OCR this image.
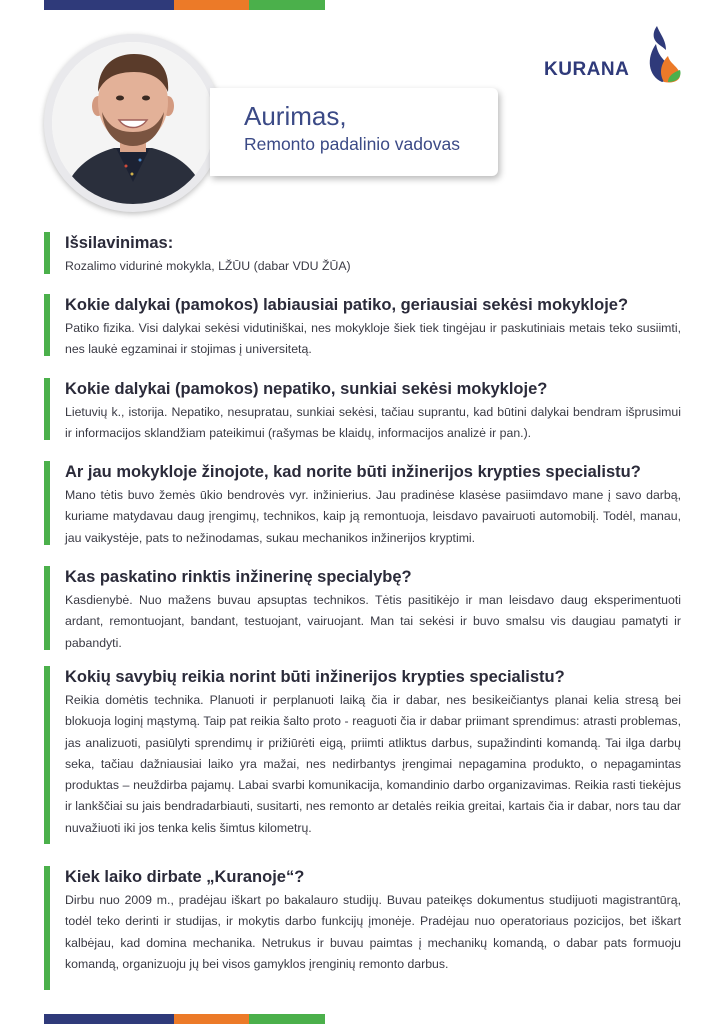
Aurimas,
Remonto padalinio vadovas
KURANA
Išsilavinimas:
Rozalimo vidurinė mokykla, LŽŪU (dabar VDU ŽŪA)
Kokie dalykai (pamokos) labiausiai patiko, geriausiai sekėsi mokykloje?
Patiko fizika. Visi dalykai sekėsi vidutiniškai, nes mokykloje šiek tiek tingėjau ir paskutiniais metais teko susiimti, nes laukė egzaminai ir stojimas į universitetą.
Kokie dalykai (pamokos) nepatiko, sunkiai sekėsi mokykloje?
Lietuvių k., istorija. Nepatiko, nesupratau, sunkiai sekėsi, tačiau suprantu, kad būtini dalykai bendram išprusimui ir informacijos sklandžiam pateikimui (rašymas be klaidų, informacijos analizė ir pan.).
Ar jau mokykloje žinojote, kad norite būti inžinerijos krypties specialistu?
Mano tėtis buvo žemės ūkio bendrovės vyr. inžinierius. Jau pradinėse klasėse pasiimdavo mane į savo darbą, kuriame matydavau daug įrengimų, technikos, kaip ją remontuoja, leisdavo pavairuoti automobilį. Todėl, manau, jau vaikystėje, pats to nežinodamas, sukau mechanikos inžinerijos kryptimi.
Kas paskatino rinktis inžinerinę specialybę?
Kasdienybė. Nuo mažens buvau apsuptas technikos. Tėtis pasitikėjo ir man leisdavo daug eksperimentuoti ardant, remontuojant, bandant, testuojant, vairuojant. Man tai sekėsi ir buvo smalsu vis daugiau pamatyti ir pabandyti.
Kokių savybių reikia norint būti inžinerijos krypties specialistu?
Reikia domėtis technika. Planuoti ir perplanuoti laiką čia ir dabar, nes besikeičiantys planai kelia stresą bei blokuoja loginį mąstymą. Taip pat reikia šalto proto - reaguoti čia ir dabar priimant sprendimus: atrasti problemas, jas analizuoti, pasiūlyti sprendimų ir prižiūrėti eigą, priimti atliktus darbus, supažindinti komandą. Tai ilga darbų seka, tačiau dažniausiai laiko yra mažai, nes nedirbantys įrengimai nepagamina produkto, o nepagamintas produktas – neuždirba pajamų. Labai svarbi komunikacija, komandinio darbo organizavimas. Reikia rasti tiekėjus ir lankščiai su jais bendradarbiauti, susitarti, nes remonto ar detalės reikia greitai, kartais čia ir dabar, nors tau dar nuvažiuoti iki jos tenka kelis šimtus kilometrų.
Kiek laiko dirbate „Kuranoje“?
Dirbu nuo 2009 m., pradėjau iškart po bakalauro studijų. Buvau pateikęs dokumentus studijuoti magistrantūrą, todėl teko derinti ir studijas, ir mokytis darbo funkcijų įmonėje. Pradėjau nuo operatoriaus pozicijos, bet iškart kalbėjau, kad domina mechanika. Netrukus ir buvau paimtas į mechanikų komandą, o dabar pats formuoju komandą, organizuoju jų bei visos gamyklos įrenginių remonto darbus.
